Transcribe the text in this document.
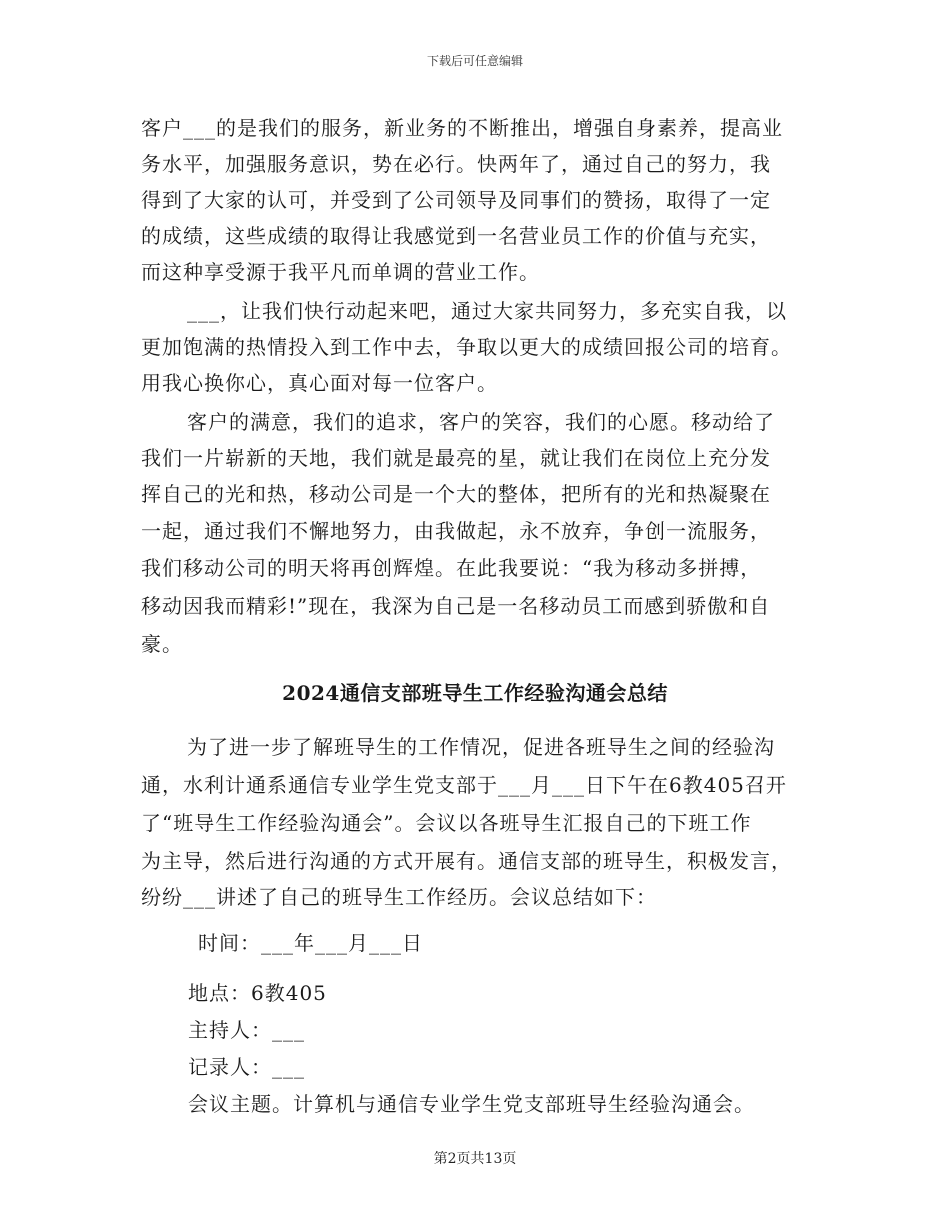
下载后可任意编辑
客户___的是我们的服务，新业务的不断推出，增强自身素养，提高业
务水平，加强服务意识，势在必行。快两年了，通过自己的努力，我
得到了大家的认可，并受到了公司领导及同事们的赞扬，取得了一定
的成绩，这些成绩的取得让我感觉到一名营业员工作的价值与充实，
而这种享受源于我平凡而单调的营业工作。
___，让我们快行动起来吧，通过大家共同努力，多充实自我，以
更加饱满的热情投入到工作中去，争取以更大的成绩回报公司的培育。
用我心换你心，真心面对每一位客户。
客户的满意，我们的追求，客户的笑容，我们的心愿。移动给了
我们一片崭新的天地，我们就是最亮的星，就让我们在岗位上充分发
挥自己的光和热，移动公司是一个大的整体，把所有的光和热凝聚在
一起，通过我们不懈地努力，由我做起，永不放弃，争创一流服务，
我们移动公司的明天将再创辉煌。在此我要说：“我为移动多拼搏，
移动因我而精彩!”现在，我深为自己是一名移动员工而感到骄傲和自
豪。
2024通信支部班导生工作经验沟通会总结
为了进一步了解班导生的工作情况，促进各班导生之间的经验沟
通，水利计通系通信专业学生党支部于___月___日下午在6教405召开
了“班导生工作经验沟通会”。会议以各班导生汇报自己的下班工作
为主导，然后进行沟通的方式开展有。通信支部的班导生，积极发言，
纷纷___讲述了自己的班导生工作经历。会议总结如下：
时间：___年___月___日
地点：6教405
主持人：___
记录人：___
会议主题。计算机与通信专业学生党支部班导生经验沟通会。
第2页共13页
